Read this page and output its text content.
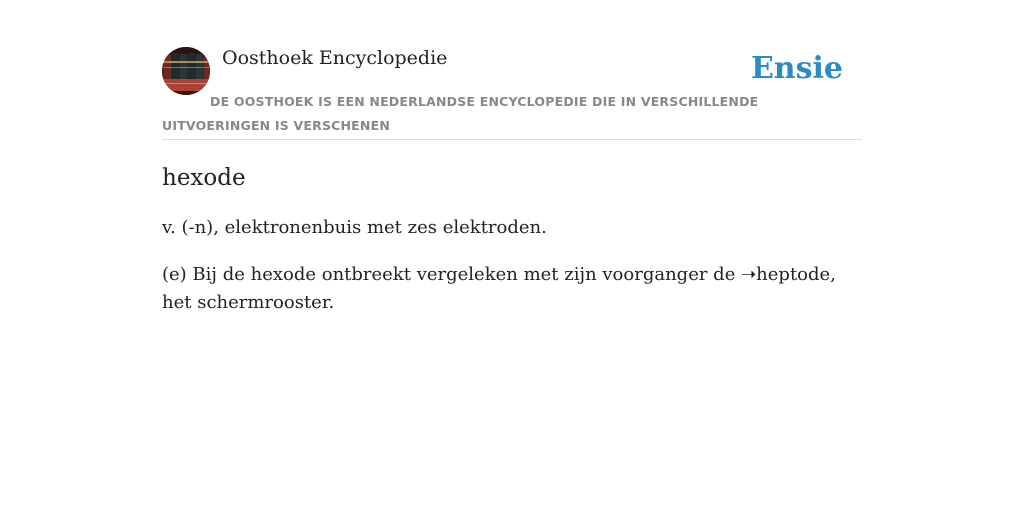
Oosthoek Encyclopedie	Ensie
DE OOSTHOEK IS EEN NEDERLANDSE ENCYCLOPEDIE DIE IN VERSCHILLENDE UITVOERINGEN IS VERSCHENEN
hexode

v. (-n), elektronenbuis met zes elektroden.

(e) Bij de hexode ontbreekt vergeleken met zijn voorganger de ➝heptode, het schermrooster.
